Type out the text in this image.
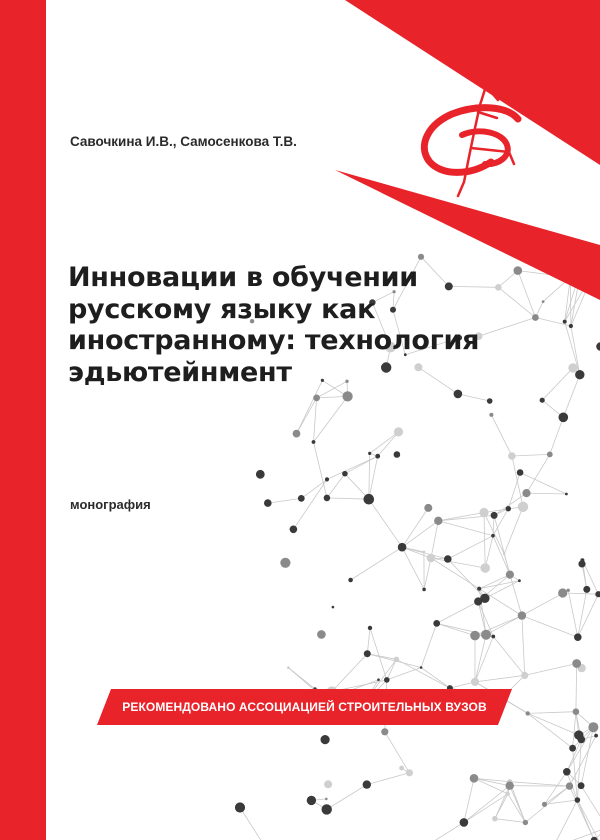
Савочкина И.В., Самосенкова Т.В.
Инновации в обучении
русскому языку как
иностранному: технология
эдьютейнмент
монография
РЕКОМЕНДОВАНО АССОЦИАЦИЕЙ СТРОИТЕЛЬНЫХ ВУЗОВ
